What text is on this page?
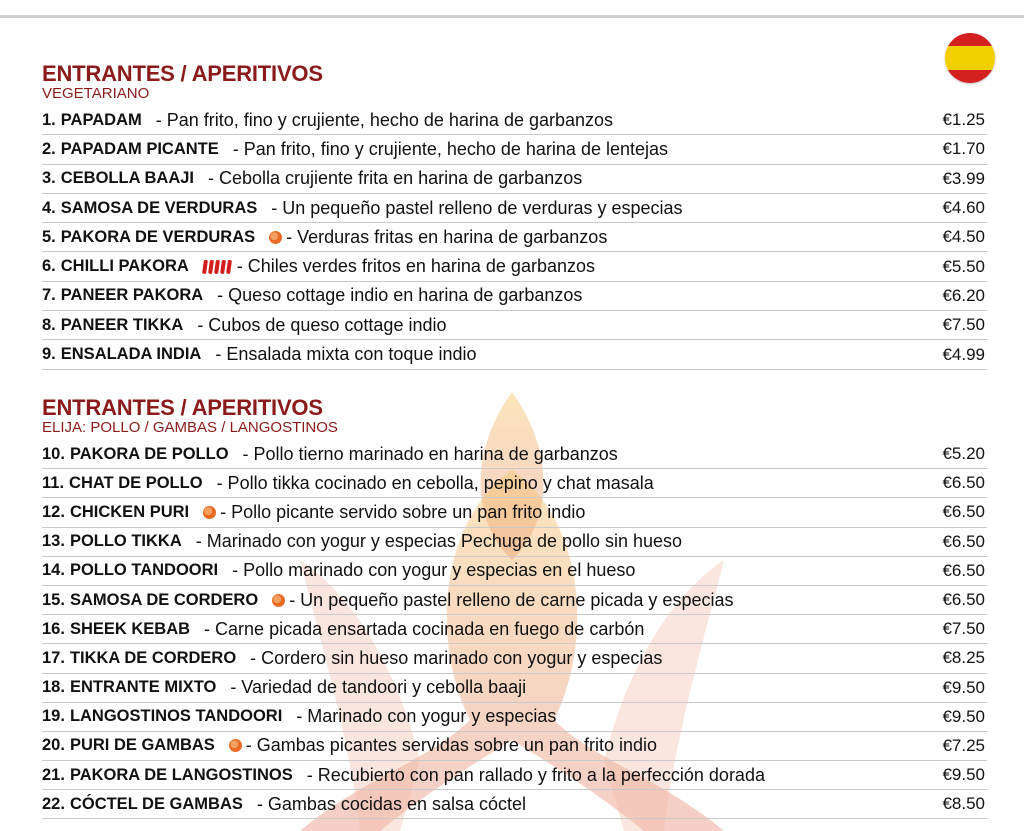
ENTRANTES / APERITIVOS
VEGETARIANO
1. PAPADAM - Pan frito, fino y crujiente, hecho de harina de garbanzos	€1.25
2. PAPADAM PICANTE - Pan frito, fino y crujiente, hecho de harina de lentejas	€1.70
3. CEBOLLA BAAJI - Cebolla crujiente frita en harina de garbanzos	€3.99
4. SAMOSA DE VERDURAS - Un pequeño pastel relleno de verduras y especias	€4.60
5. PAKORA DE VERDURAS - Verduras fritas en harina de garbanzos	€4.50
6. CHILLI PAKORA	- Chiles verdes fritos en harina de garbanzos	€5.50
7. PANEER PAKORA - Queso cottage indio en harina de garbanzos	€6.20
8. PANEER TIKKA - Cubos de queso cottage indio	€7.50
9. ENSALADA INDIA - Ensalada mixta con toque indio	€4.99
ENTRANTES / APERITIVOS
ELIJA: POLLO / GAMBAS / LANGOSTINOS
10. PAKORA DE POLLO - Pollo tierno marinado en harina de garbanzos	€5.20
11. CHAT DE POLLO - Pollo tikka cocinado en cebolla, pepino y chat masala	€6.50
12. CHICKEN PURI - Pollo picante servido sobre un pan frito indio	€6.50
13. POLLO TIKKA - Marinado con yogur y especias Pechuga de pollo sin hueso	€6.50
14. POLLO TANDOORI - Pollo marinado con yogur y especias en el hueso	€6.50
15. SAMOSA DE CORDERO - Un pequeño pastel relleno de carne picada y especias	€6.50
16. SHEEK KEBAB - Carne picada ensartada cocinada en fuego de carbón	€7.50
17. TIKKA DE CORDERO - Cordero sin hueso marinado con yogur y especias	€8.25
18. ENTRANTE MIXTO - Variedad de tandoori y cebolla baaji	€9.50
19. LANGOSTINOS TANDOORI - Marinado con yogur y especias	€9.50
20. PURI DE GAMBAS - Gambas picantes servidas sobre un pan frito indio	€7.25
21. PAKORA DE LANGOSTINOS - Recubierto con pan rallado y frito a la perfección dorada	€9.50
22. CÓCTEL DE GAMBAS - Gambas cocidas en salsa cóctel	€8.50
